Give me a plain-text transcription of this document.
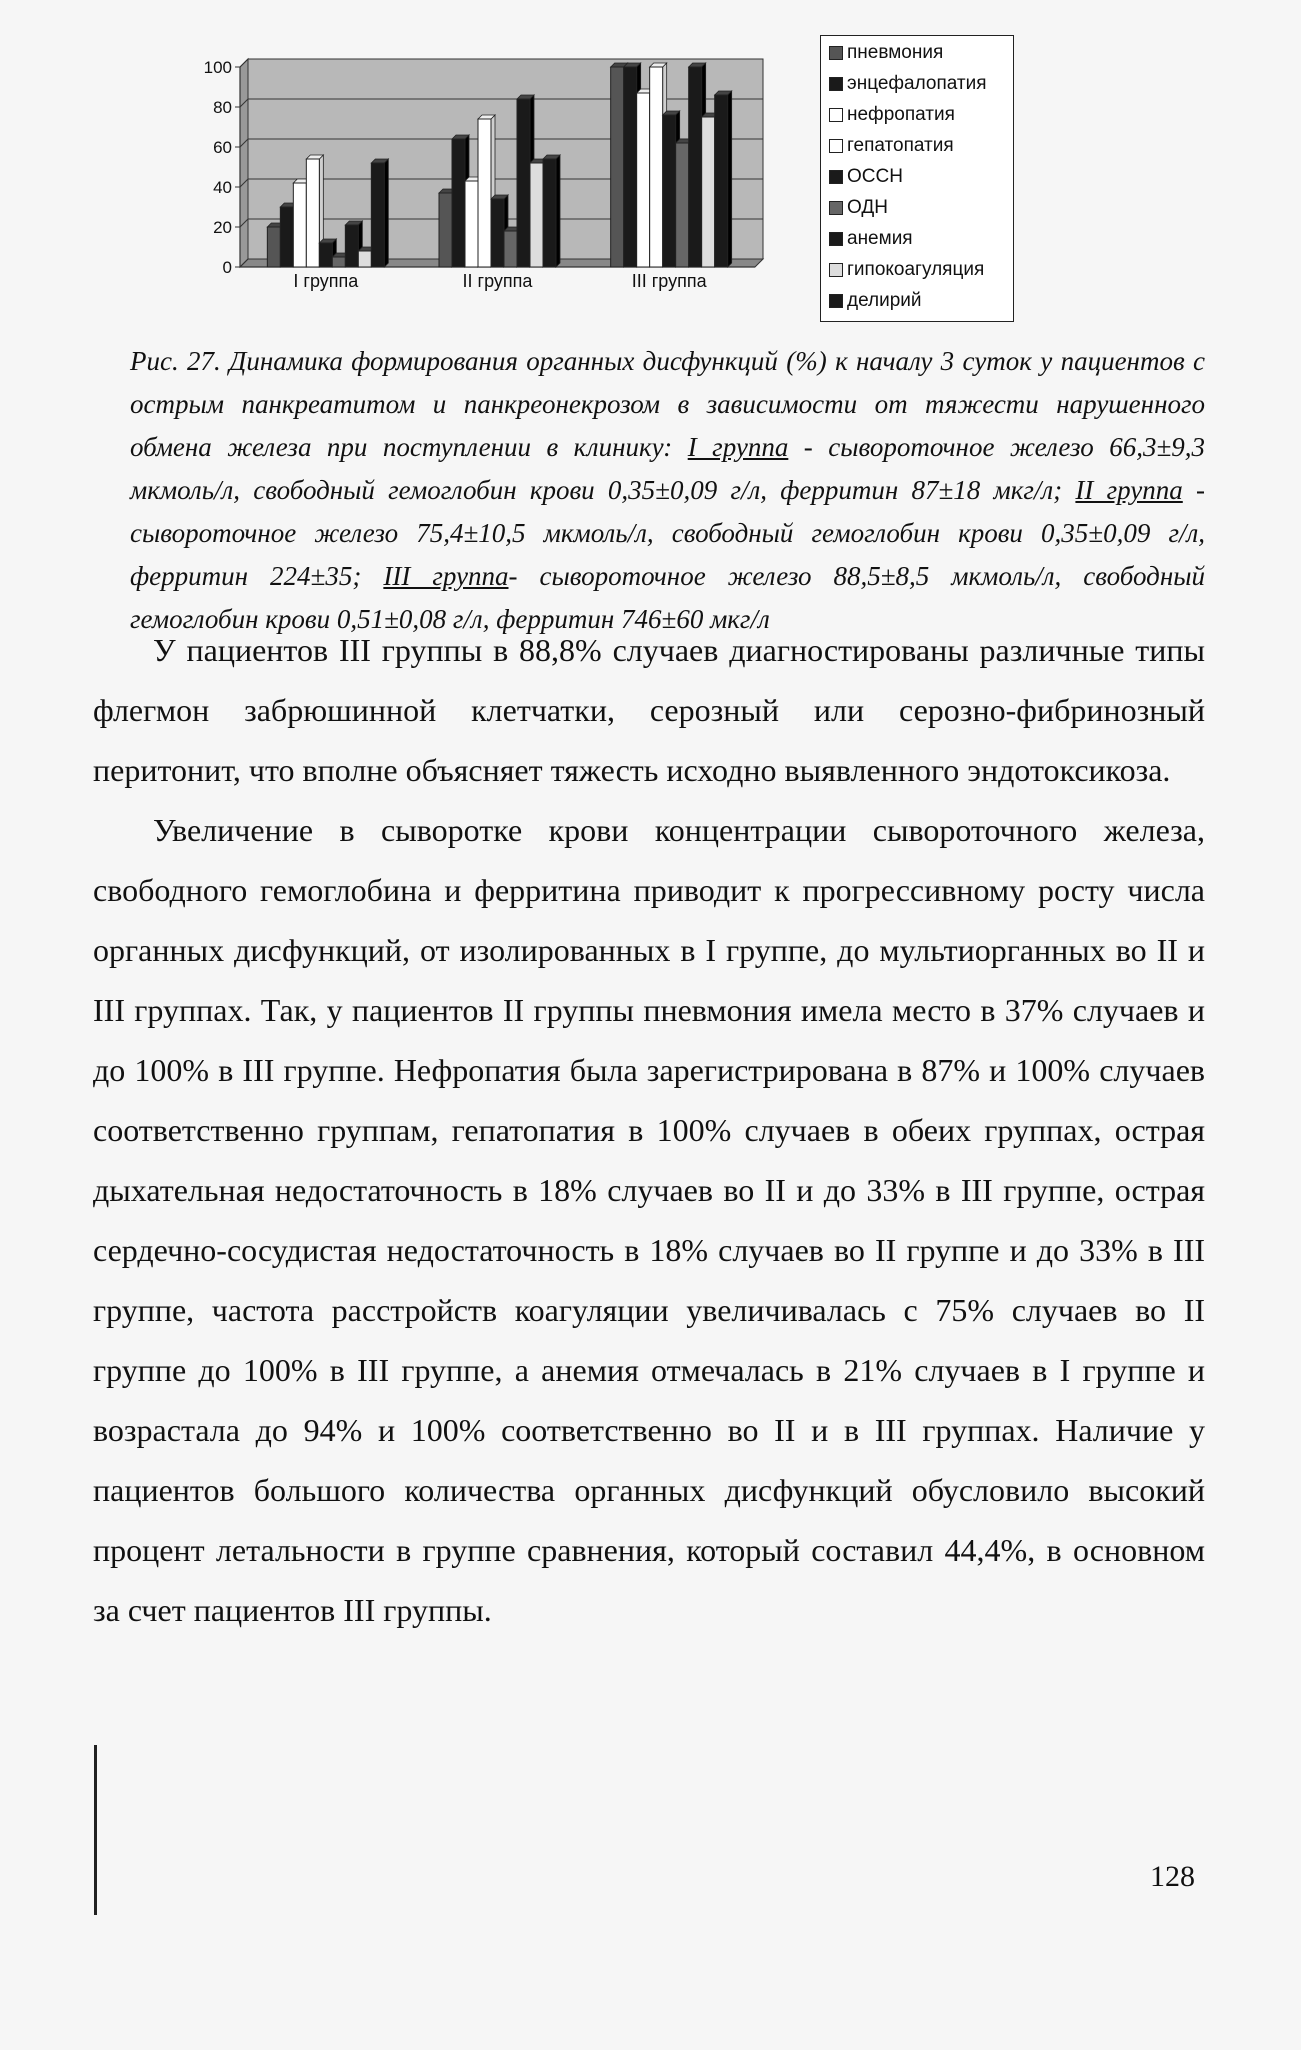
0
20
40
60
80
100
I группа	II группа	III группа
пневмония
энцефалопатия
нефропатия
гепатопатия
ОССН
ОДН
анемия
гипокоагуляция
делирий
Рис. 27. Динамика формирования органных дисфункций (%) к началу 3 суток у пациентов с острым панкреатитом и панкреонекрозом в зависимости от тяжести нарушенного обмена железа при поступлении в клинику: I группа - сывороточное железо 66,3±9,3 мкмоль/л, свободный гемоглобин крови 0,35±0,09 г/л, ферритин 87±18 мкг/л; II группа - сывороточное железо 75,4±10,5 мкмоль/л, свободный гемоглобин крови 0,35±0,09 г/л, ферритин 224±35; III группа- сывороточное железо 88,5±8,5 мкмоль/л, свободный гемоглобин крови 0,51±0,08 г/л, ферритин 746±60 мкг/л

У пациентов III группы в 88,8% случаев диагностированы различные типы флегмон забрюшинной клетчатки, серозный или серозно-фибринозный перитонит, что вполне объясняет тяжесть исходно выявленного эндотоксикоза.

Увеличение в сыворотке крови концентрации сывороточного железа, свободного гемоглобина и ферритина приводит к прогрессивному росту числа органных дисфункций, от изолированных в I группе, до мультиорганных во II и III группах. Так, у пациентов II группы пневмония имела место в 37% случаев и до 100% в III группе. Нефропатия была зарегистрирована в 87% и 100% случаев соответственно группам, гепатопатия в 100% случаев в обеих группах, острая дыхательная недостаточность в 18% случаев во II и до 33% в III группе, острая сердечно-сосудистая недостаточность в 18% случаев во II группе и до 33% в III группе, частота расстройств коагуляции увеличивалась с 75% случаев во II группе до 100% в III группе, а анемия отмечалась в 21% случаев в I группе и возрастала до 94% и 100% соответственно во II и в III группах. Наличие у пациентов большого количества органных дисфункций обусловило высокий процент летальности в группе сравнения, который составил 44,4%, в основном за счет пациентов III группы.

128
